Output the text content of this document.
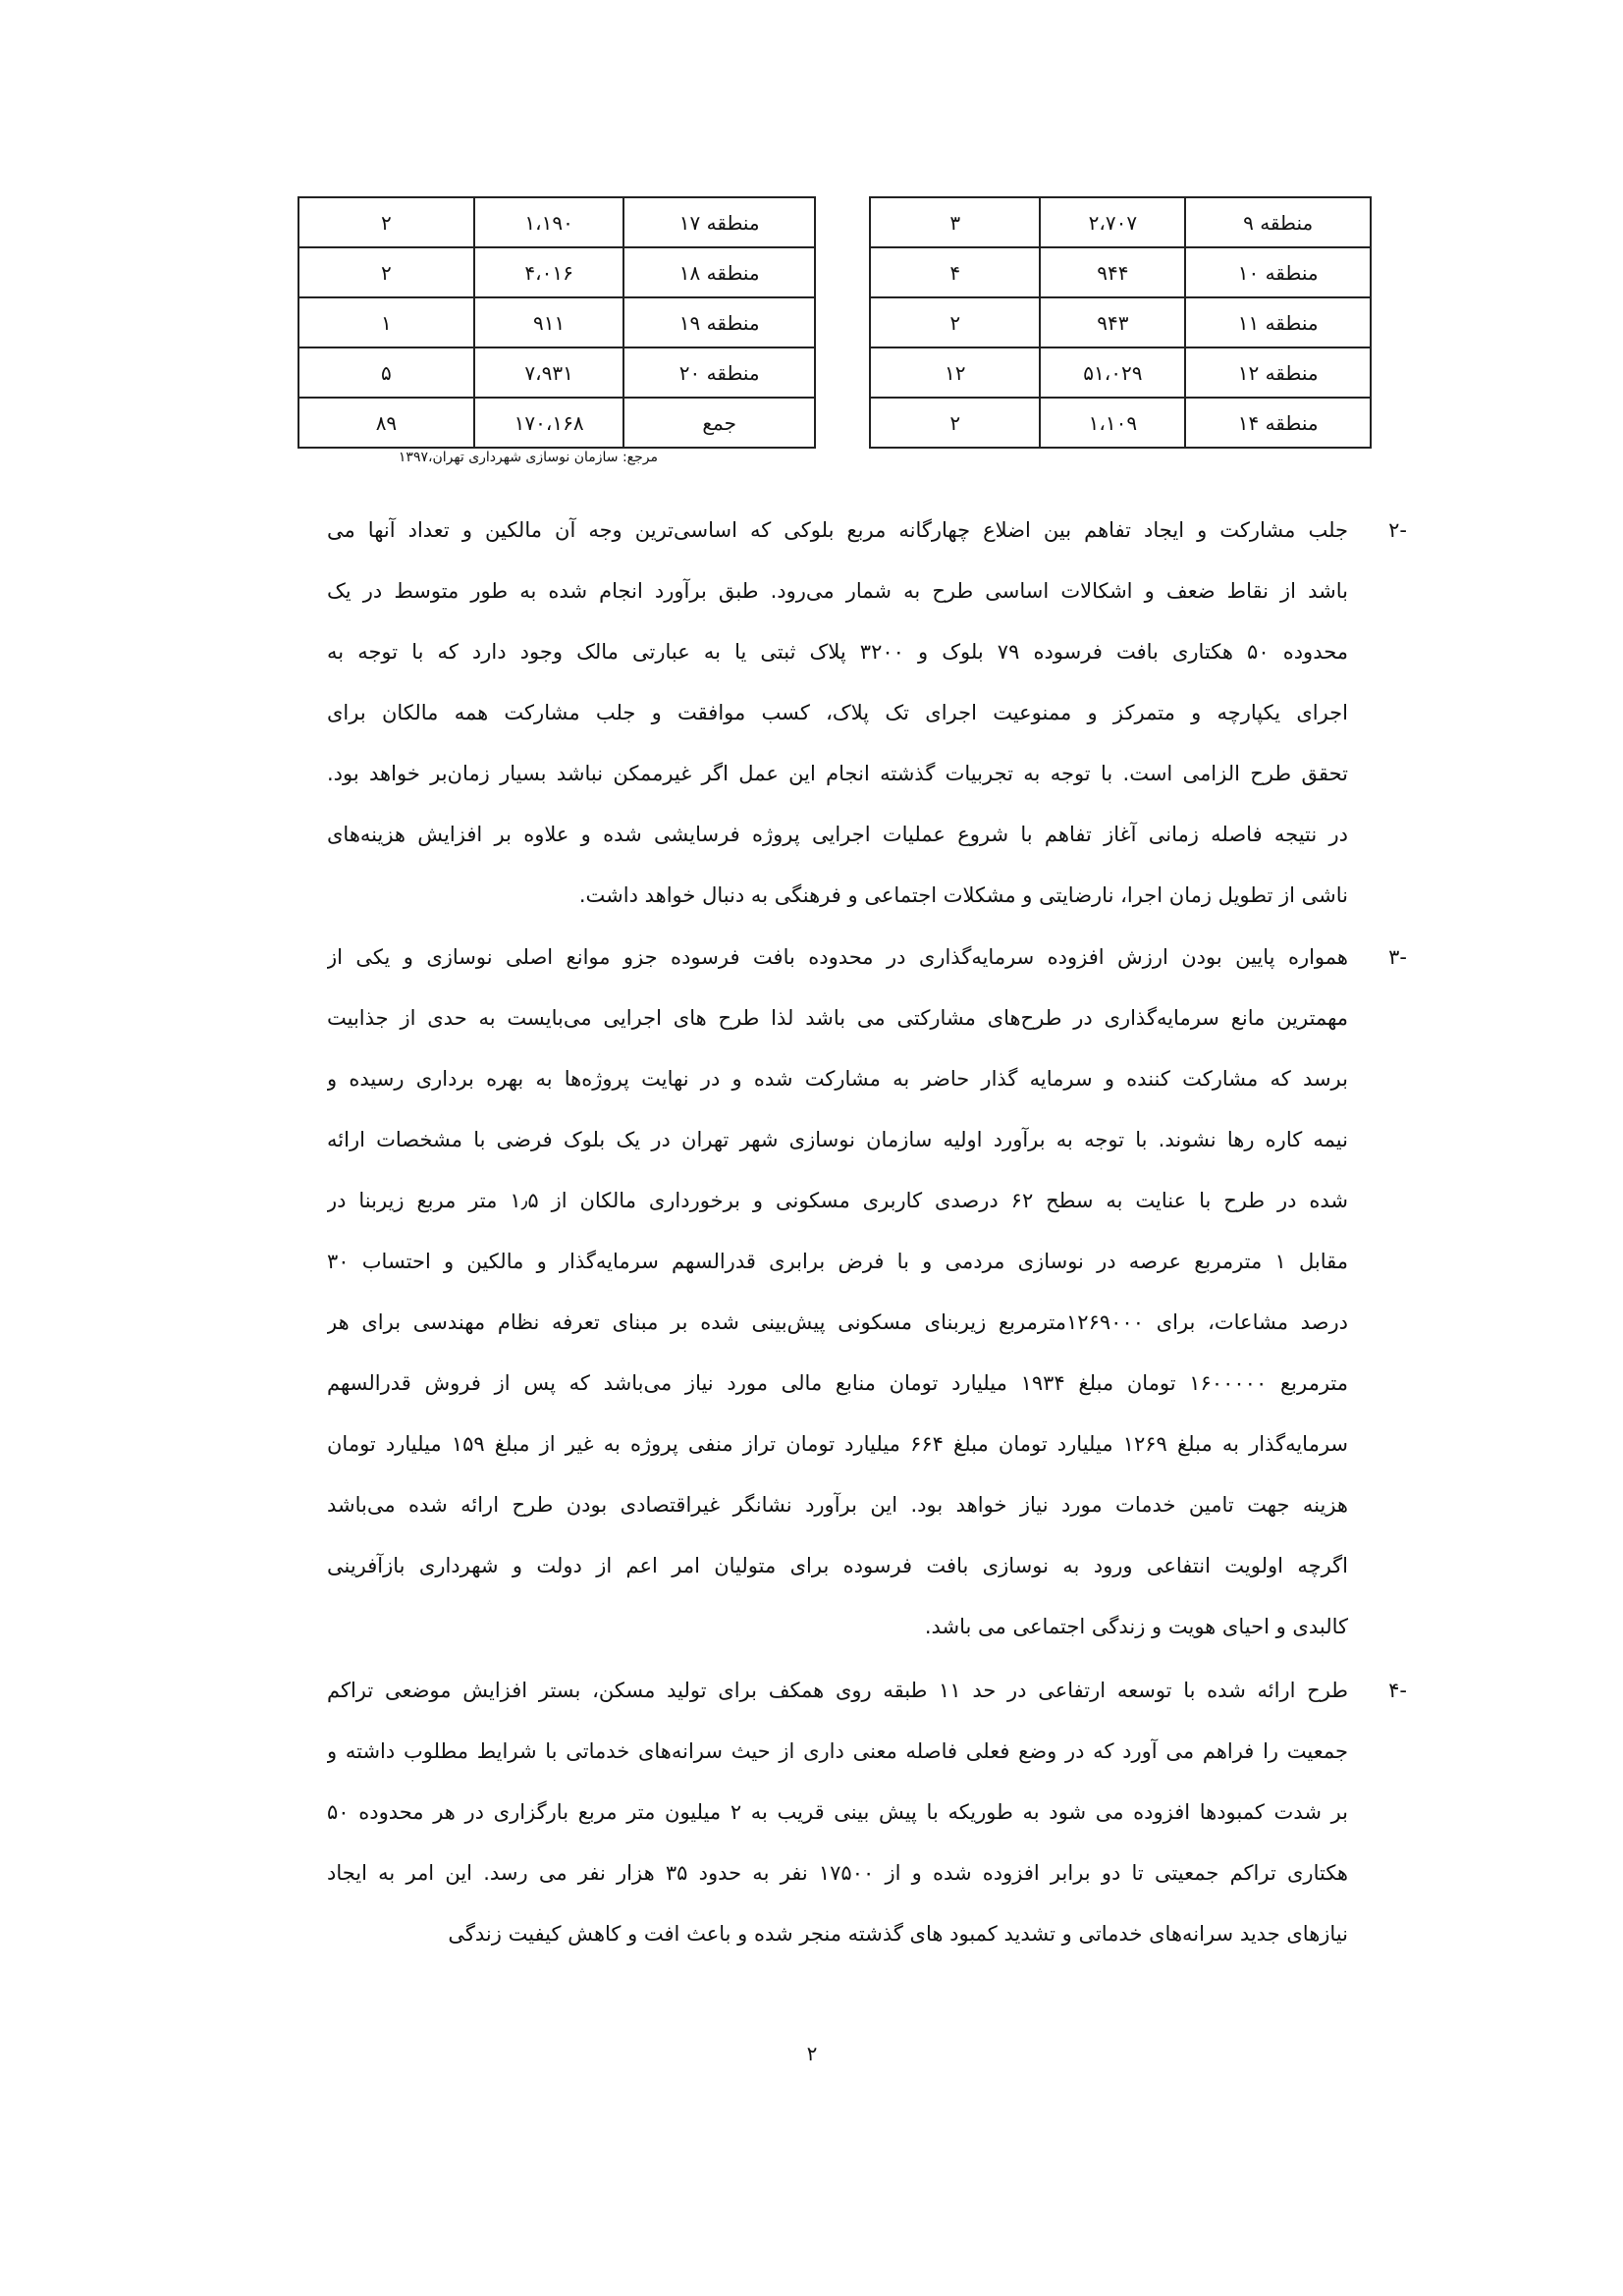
منطقه ۹	۲،۷۰۷	۳
منطقه ۱۰	۹۴۴	۴
منطقه ۱۱	۹۴۳	۲
منطقه ۱۲	۵۱،۰۲۹	۱۲
منطقه ۱۴	۱،۱۰۹	۲
منطقه ۱۷	۱،۱۹۰	۲
منطقه ۱۸	۴،۰۱۶	۲
منطقه ۱۹	۹۱۱	۱
منطقه ۲۰	۷،۹۳۱	۵
جمع	۱۷۰،۱۶۸	۸۹
مرجع: سازمان نوسازی شهرداری تهران،۱۳۹۷
-۲
جلب مشارکت و ایجاد تفاهم بین اضلاع چهارگانه مربع بلوکی که اساسی‌ترین وجه آن مالکین و تعداد آنها می
باشد از نقاط ضعف و اشکالات اساسی طرح به شمار می‌رود. طبق برآورد انجام شده به طور متوسط در یک
محدوده ۵۰ هکتاری بافت فرسوده ۷۹ بلوک و ۳۲۰۰ پلاک ثبتی یا به عبارتی مالک وجود دارد که با توجه به
اجرای یکپارچه و متمرکز و ممنوعیت اجرای تک پلاک، کسب موافقت و جلب مشارکت همه مالکان برای
تحقق طرح الزامی است. با توجه به تجربیات گذشته انجام این عمل اگر غیرممکن نباشد بسیار زمان‌بر خواهد بود.
در نتیجه فاصله زمانی آغاز تفاهم با شروع عملیات اجرایی پروژه فرسایشی شده و علاوه بر افزایش هزینه‌های
ناشی از تطویل زمان اجرا، نارضایتی و مشکلات اجتماعی و فرهنگی به دنبال خواهد داشت.
-۳
همواره پایین بودن ارزش افزوده سرمایه‌گذاری در محدوده بافت فرسوده جزو موانع اصلی نوسازی و یکی از
مهمترین مانع سرمایه‌گذاری در طرح‌های مشارکتی می باشد لذا طرح های اجرایی می‌بایست به حدی از جذابیت
برسد که مشارکت کننده و سرمایه گذار حاضر به مشارکت شده و در نهایت پروژه‌ها به بهره برداری رسیده و
نیمه کاره رها نشوند. با توجه به برآورد اولیه سازمان نوسازی شهر تهران در یک بلوک فرضی با مشخصات ارائه
شده در طرح با عنایت به سطح ۶۲ درصدی کاربری مسکونی و برخورداری مالکان از ۱٫۵ متر مربع زیربنا در
مقابل ۱ مترمربع عرصه در نوسازی مردمی و با فرض برابری قدرالسهم سرمایه‌گذار و مالکین و احتساب ۳۰
درصد مشاعات، برای ۱۲۶۹۰۰۰مترمربع زیربنای مسکونی پیش‌بینی شده بر مبنای تعرفه نظام مهندسی برای هر
مترمربع ۱۶۰۰۰۰۰ تومان مبلغ ۱۹۳۴ میلیارد تومان منابع مالی مورد نیاز می‌باشد که پس از فروش قدرالسهم
سرمایه‌گذار به مبلغ ۱۲۶۹ میلیارد تومان مبلغ ۶۶۴ میلیارد تومان تراز منفی پروژه به غیر از مبلغ ۱۵۹ میلیارد تومان
هزینه جهت تامین خدمات مورد نیاز خواهد بود. این برآورد نشانگر غیراقتصادی بودن طرح ارائه شده می‌باشد
اگرچه اولویت انتفاعی ورود به نوسازی بافت فرسوده برای متولیان امر اعم از دولت و شهرداری بازآفرینی
کالبدی و احیای هویت و زندگی اجتماعی می باشد.
-۴
طرح ارائه شده با توسعه ارتفاعی در حد ۱۱ طبقه روی همکف برای تولید مسکن، بستر افزایش موضعی تراکم
جمعیت را فراهم می آورد که در وضع فعلی فاصله معنی داری از حیث سرانه‌های خدماتی با شرایط مطلوب داشته و
بر شدت کمبودها افزوده می شود به طوریکه با پیش بینی قریب به ۲ میلیون متر مربع بارگزاری در هر محدوده ۵۰
هکتاری تراکم جمعیتی تا دو برابر افزوده شده و از ۱۷۵۰۰ نفر به حدود ۳۵ هزار نفر می رسد. این امر به ایجاد
نیازهای جدید سرانه‌های خدماتی و تشدید کمبود های گذشته منجر شده و باعث افت و کاهش کیفیت زندگی
۲
